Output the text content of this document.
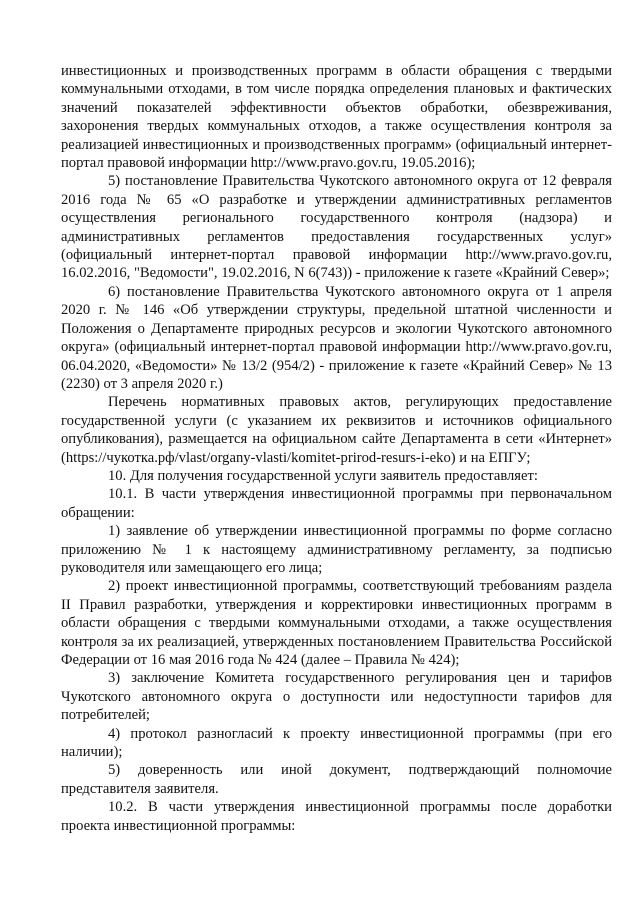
инвестиционных и производственных программ в области обращения с твердыми коммунальными отходами, в том числе порядка определения плановых и фактических значений показателей эффективности объектов обработки, обезвреживания, захоронения твердых коммунальных отходов, а также осуществления контроля за реализацией инвестиционных и производственных программ» (официальный интернет-портал правовой информации http://www.pravo.gov.ru, 19.05.2016);

5) постановление Правительства Чукотского автономного округа от 12 февраля 2016 года № 65 «О разработке и утверждении административных регламентов осуществления регионального государственного контроля (надзора) и административных регламентов предоставления государственных услуг» (официальный интернет-портал правовой информации http://www.pravo.gov.ru, 16.02.2016, "Ведомости", 19.02.2016, N 6(743)) - приложение к газете «Крайний Север»;

6) постановление Правительства Чукотского автономного округа от 1 апреля 2020 г. № 146 «Об утверждении структуры, предельной штатной численности и Положения о Департаменте природных ресурсов и экологии Чукотского автономного округа» (официальный интернет-портал правовой информации http://www.pravo.gov.ru, 06.04.2020, «Ведомости» № 13/2 (954/2) - приложение к газете «Крайний Север» № 13 (2230) от 3 апреля 2020 г.)

Перечень нормативных правовых актов, регулирующих предоставление государственной услуги (с указанием их реквизитов и источников официального опубликования), размещается на официальном сайте Департамента в сети «Интернет» (https://чукотка.рф/vlast/organy-vlasti/komitet-prirod-resurs-i-eko) и на ЕПГУ;

10. Для получения государственной услуги заявитель предоставляет:

10.1. В части утверждения инвестиционной программы при первоначальном обращении:

1) заявление об утверждении инвестиционной программы по форме согласно приложению № 1 к настоящему административному регламенту, за подписью руководителя или замещающего его лица;

2) проект инвестиционной программы, соответствующий требованиям раздела II Правил разработки, утверждения и корректировки инвестиционных программ в области обращения с твердыми коммунальными отходами, а также осуществления контроля за их реализацией, утвержденных постановлением Правительства Российской Федерации от 16 мая 2016 года № 424 (далее – Правила № 424);

3) заключение Комитета государственного регулирования цен и тарифов Чукотского автономного округа о доступности или недоступности тарифов для потребителей;

4) протокол разногласий к проекту инвестиционной программы (при его наличии);

5) доверенность или иной документ, подтверждающий полномочие представителя заявителя.

10.2. В части утверждения инвестиционной программы после доработки проекта инвестиционной программы:
